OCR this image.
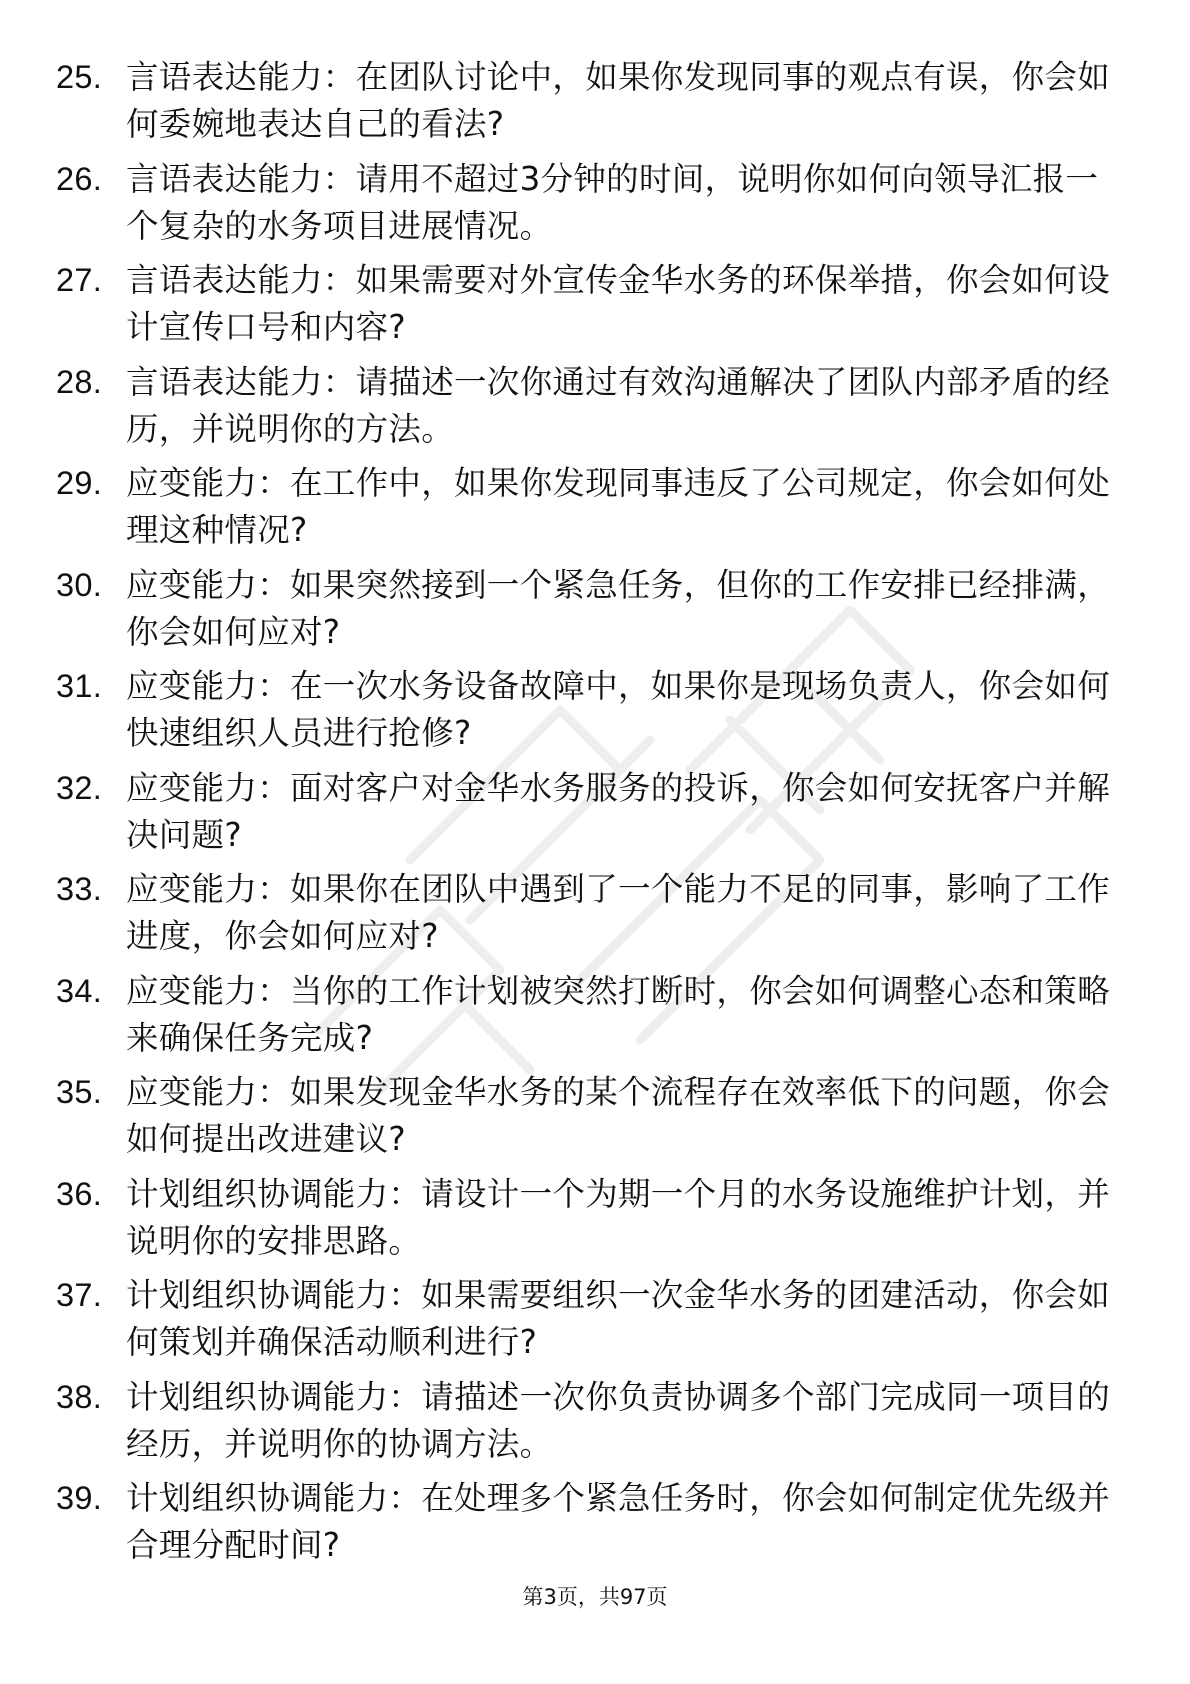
25. 言语表达能力：在团队讨论中，如果你发现同事的观点有误，你会如何委婉地表达自己的看法?
26. 言语表达能力：请用不超过3分钟的时间，说明你如何向领导汇报一个复杂的水务项目进展情况。
27. 言语表达能力：如果需要对外宣传金华水务的环保举措，你会如何设计宣传口号和内容?
28. 言语表达能力：请描述一次你通过有效沟通解决了团队内部矛盾的经历，并说明你的方法。
29. 应变能力：在工作中，如果你发现同事违反了公司规定，你会如何处理这种情况?
30. 应变能力：如果突然接到一个紧急任务，但你的工作安排已经排满，你会如何应对?
31. 应变能力：在一次水务设备故障中，如果你是现场负责人，你会如何快速组织人员进行抢修?
32. 应变能力：面对客户对金华水务服务的投诉，你会如何安抚客户并解决问题?
33. 应变能力：如果你在团队中遇到了一个能力不足的同事，影响了工作进度，你会如何应对?
34. 应变能力：当你的工作计划被突然打断时，你会如何调整心态和策略来确保任务完成?
35. 应变能力：如果发现金华水务的某个流程存在效率低下的问题，你会如何提出改进建议?
36. 计划组织协调能力：请设计一个为期一个月的水务设施维护计划，并说明你的安排思路。
37. 计划组织协调能力：如果需要组织一次金华水务的团建活动，你会如何策划并确保活动顺利进行?
38. 计划组织协调能力：请描述一次你负责协调多个部门完成同一项目的经历，并说明你的协调方法。
39. 计划组织协调能力：在处理多个紧急任务时，你会如何制定优先级并合理分配时间?
第3页，共97页
